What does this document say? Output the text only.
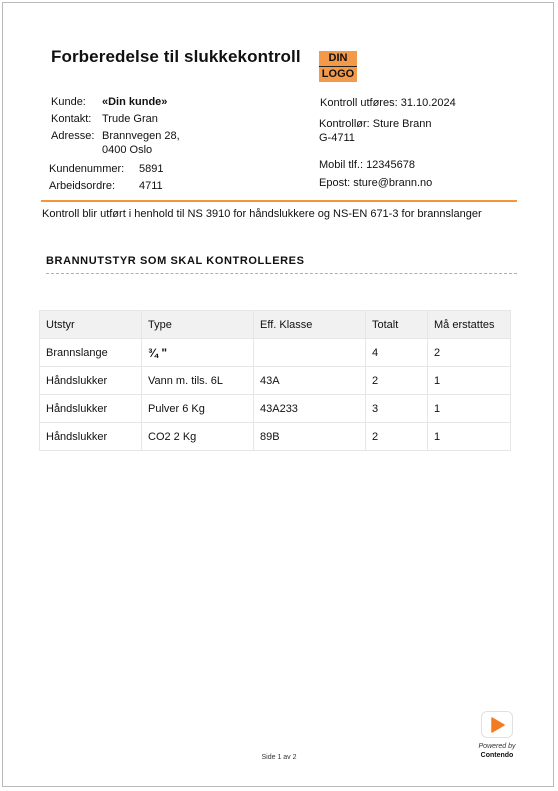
Forberedelse til slukkekontroll	DIN
LOGO
Kunde: «Din kunde»
Kontakt: Trude Gran
Adresse: Brannvegen 28,
0400 Oslo
Kundenummer: 5891
Arbeidsordre: 4711
Kontroll utføres: 31.10.2024
Kontrollør: Sture Brann
G-4711
Mobil tlf.: 12345678
Epost: sture@brann.no
Kontroll blir utført i henhold til NS 3910 for håndslukkere og NS-EN 671-3 for brannslanger
BRANNUTSTYR SOM SKAL KONTROLLERES
Utstyr	Type	Eff. Klasse	Totalt	Må erstattes
Brannslange	¾ "		4	2
Håndslukker	Vann m. tils. 6L	43A	2	1
Håndslukker	Pulver 6 Kg	43A233	3	1
Håndslukker	CO2 2 Kg	89B	2	1
Powered by
Contendo
Side 1 av 2
